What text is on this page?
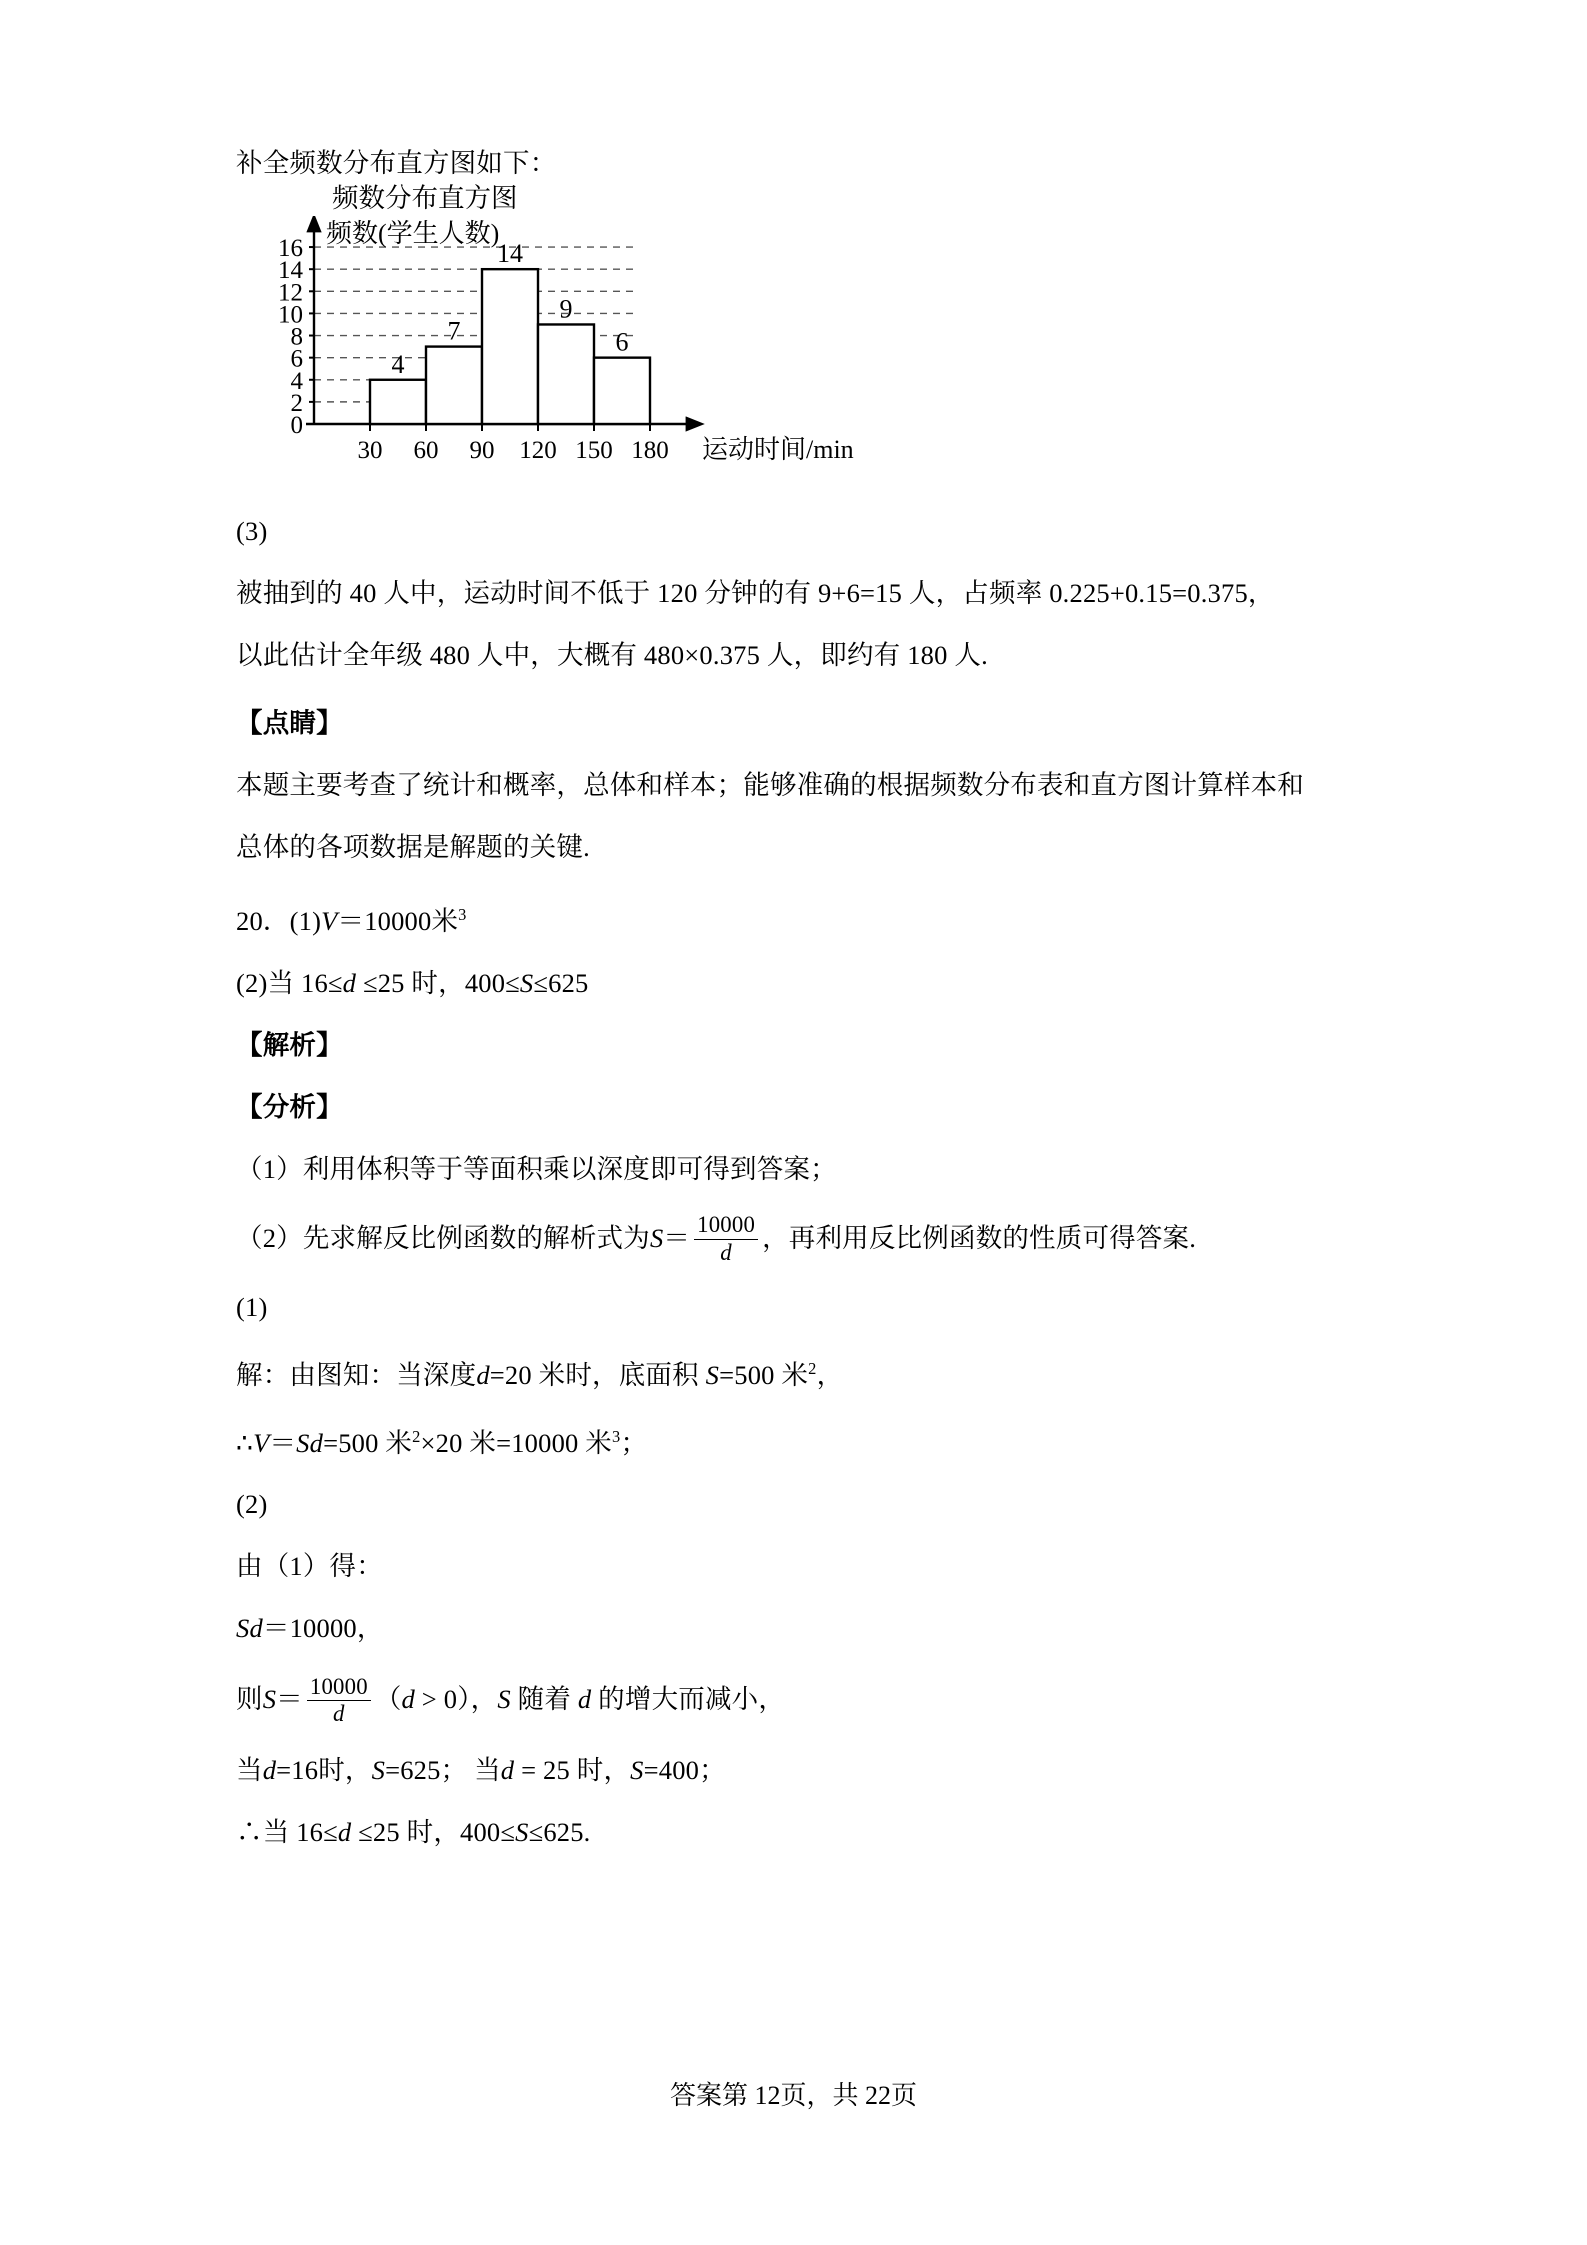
补全频数分布直方图如下：
频数分布直方图
0
2
4
6
8
10
12
14
16
频数(学生人数)
4
7
14
9
6
30 60 90 120 150 180 运动时间/min
(3)
被抽到的 40 人中，运动时间不低于 120 分钟的有 9+6=15 人，占频率 0.225+0.15=0.375，
以此估计全年级 480 人中，大概有 480×0.375 人，即约有 180 人.
【点睛】
本题主要考查了统计和概率，总体和样本；能够准确的根据频数分布表和直方图计算样本和
总体的各项数据是解题的关键.
20．(1)V＝10000米$^3$
(2)当 16≤d ≤25 时，400≤S≤625
【解析】
【分析】
（1）利用体积等于等面积乘以深度即可得到答案；
（2）先求解反比例函数的解析式为$S= \frac{10000}{d}$ ，再利用反比例函数的性质可得答案.
(1)
解：由图知：当深度d=20 米时，底面积 S=500 米$^2$，
∴V＝Sd=500 米$^2$×20 米=10000 米$^3$；
(2)
由（1）得：
Sd＝10000，
则$S= \frac{10000}{d} (d > 0)$，S 随着 d 的增大而减小，
当d=16时，S=625； 当d = 25 时，S=400；
∴当 16≤d ≤25 时，400≤S≤625.
答案第 12页，共 22页
